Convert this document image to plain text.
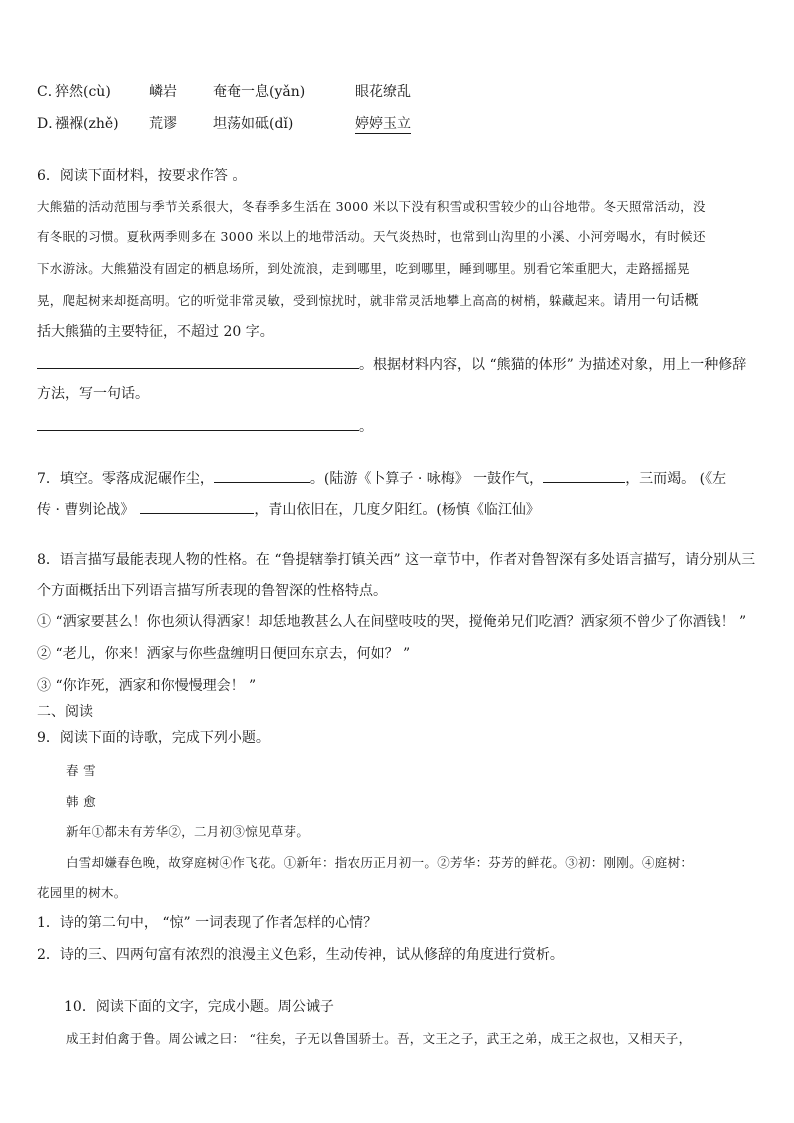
C．
猝然(cù)	嶙岩	奄奄一息(yǎn)	眼花缭乱
D．
襁褓(zhě) 荒谬	坦荡如砥(dǐ)	婷婷玉立
6．阅读下面材料，按要求作答 。
大熊猫的活动范围与季节关系很大，冬春季多生活在 3000 米以下没有积雪或积雪较少的山谷地带。冬天照常活动，没
有冬眠的习惯。夏秋两季则多在 3000 米以上的地带活动。天气炎热时，也常到山沟里的小溪、小河旁喝水，有时候还
下水游泳。大熊猫没有固定的栖息场所，到处流浪，走到哪里，吃到哪里，睡到哪里。别看它笨重肥大，走路摇摇晃
晃，爬起树来却挺高明。它的听觉非常灵敏，受到惊扰时，就非常灵活地攀上高高的树梢，躲藏起来。请用一句话概
括大熊猫的主要特征，不超过 20 字。
。根据材料内容，以 “熊猫的体形” 为描述对象，用上一种修辞
方法，写一句话。
。
7．填空。零落成泥碾作尘，	。(陆游《卜算子 · 咏梅》 一鼓作气，	，三而竭。 (《左
传 · 曹刿论战》	，青山依旧在，几度夕阳红。(杨慎《临江仙》
8．语言描写最能表现人物的性格。在 “鲁提辖拳打镇关西” 这一章节中，作者对鲁智深有多处语言描写，请分别从三
个方面概括出下列语言描写所表现的鲁智深的性格特点。
① “洒家要甚么！你也须认得洒家！却恁地教甚么人在间壁吱吱的哭，搅俺弟兄们吃酒？洒家须不曾少了你酒钱！ ”
② “老儿，你来！洒家与你些盘缠明日便回东京去，何如？ ”
③ “你诈死，洒家和你慢慢理会！ ”
二、阅读
9．阅读下面的诗歌，完成下列小题。
春 雪
韩 愈
新年①都未有芳华②，二月初③惊见草芽。
白雪却嫌春色晚，故穿庭树④作飞花。①新年：指农历正月初一。②芳华：芬芳的鲜花。③初：刚刚。④庭树：
花园里的树木。
1．诗的第二句中， “惊” 一词表现了作者怎样的心情？
2．诗的三、四两句富有浓烈的浪漫主义色彩，生动传神，试从修辞的角度进行赏析。
10．阅读下面的文字，完成小题。周公诫子
成王封伯禽于鲁。周公诫之曰： “往矣，子无以鲁国骄士。吾，文王之子，武王之弟，成王之叔也，又相天子，
